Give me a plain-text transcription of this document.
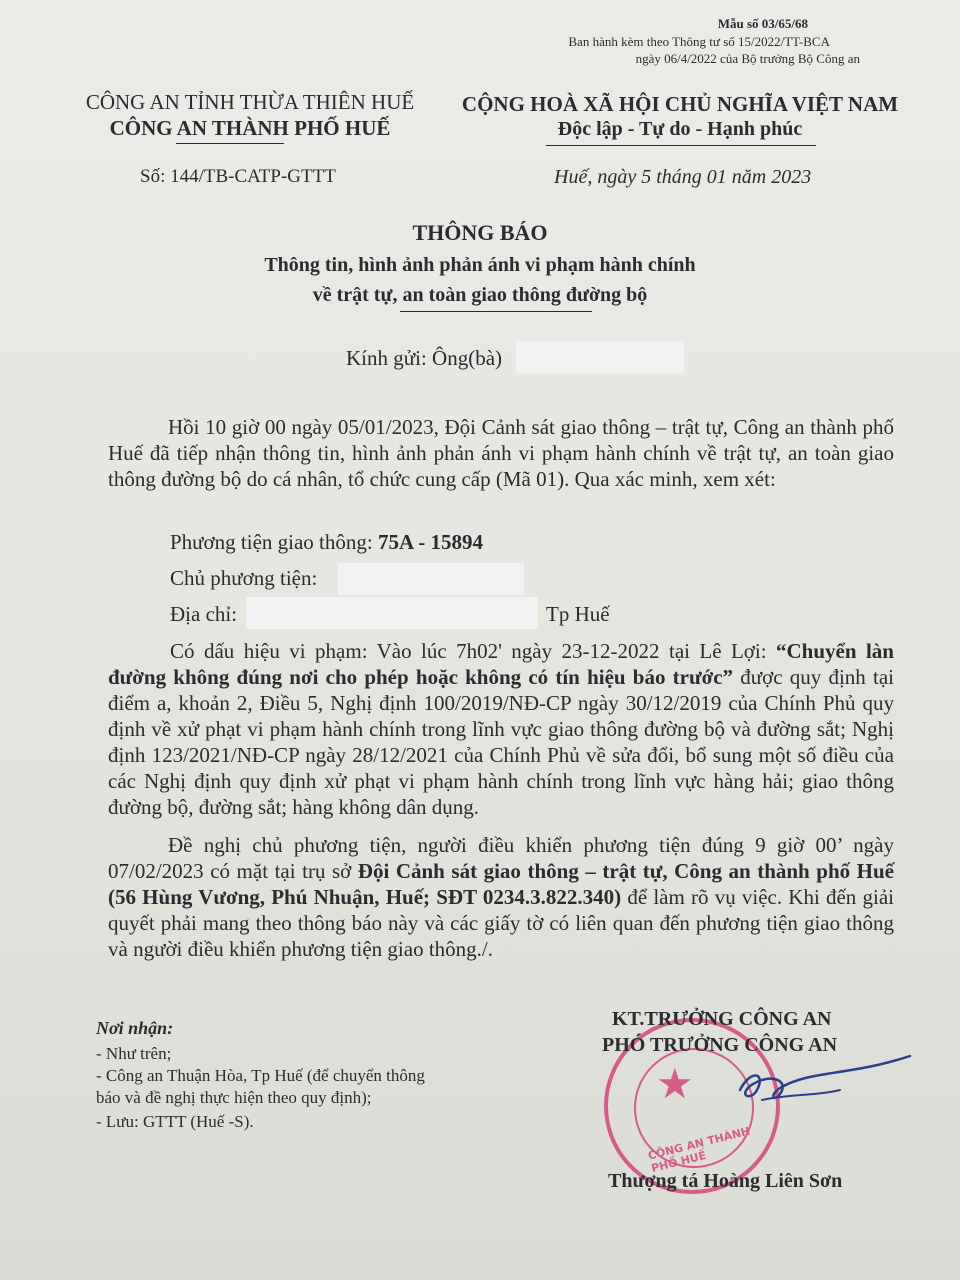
Mẫu số 03/65/68
Ban hành kèm theo Thông tư số 15/2022/TT-BCA
ngày 06/4/2022 của Bộ trưởng Bộ Công an
CÔNG AN TỈNH THỪA THIÊN HUẾ
CÔNG AN THÀNH PHỐ HUẾ
Số: 144/TB-CATP-GTTT
CỘNG HOÀ XÃ HỘI CHỦ NGHĨA VIỆT NAM
Độc lập - Tự do - Hạnh phúc
Huế, ngày 5 tháng 01 năm 2023
THÔNG BÁO
Thông tin, hình ảnh phản ánh vi phạm hành chính
về trật tự, an toàn giao thông đường bộ
Kính gửi: Ông(bà)
Hồi 10 giờ 00 ngày 05/01/2023, Đội Cảnh sát giao thông – trật tự, Công an thành phố Huế đã tiếp nhận thông tin, hình ảnh phản ánh vi phạm hành chính về trật tự, an toàn giao thông đường bộ do cá nhân, tổ chức cung cấp (Mã 01). Qua xác minh, xem xét:
Phương tiện giao thông: 75A - 15894
Chủ phương tiện:
Địa chỉ:	Tp Huế
Có dấu hiệu vi phạm: Vào lúc 7h02' ngày 23-12-2022 tại Lê Lợi: “Chuyển làn đường không đúng nơi cho phép hoặc không có tín hiệu báo trước” được quy định tại điểm a, khoản 2, Điều 5, Nghị định 100/2019/NĐ-CP ngày 30/12/2019 của Chính Phủ quy định về xử phạt vi phạm hành chính trong lĩnh vực giao thông đường bộ và đường sắt; Nghị định 123/2021/NĐ-CP ngày 28/12/2021 của Chính Phủ về sửa đổi, bổ sung một số điều của các Nghị định quy định xử phạt vi phạm hành chính trong lĩnh vực hàng hải; giao thông đường bộ, đường sắt; hàng không dân dụng.
Đề nghị chủ phương tiện, người điều khiển phương tiện đúng 9 giờ 00’ ngày 07/02/2023 có mặt tại trụ sở Đội Cảnh sát giao thông – trật tự, Công an thành phố Huế (56 Hùng Vương, Phú Nhuận, Huế; SĐT 0234.3.822.340) để làm rõ vụ việc. Khi đến giải quyết phải mang theo thông báo này và các giấy tờ có liên quan đến phương tiện giao thông và người điều khiển phương tiện giao thông./.
Nơi nhận:
- Như trên;
- Công an Thuận Hòa, Tp Huế (để chuyển thông
báo và đề nghị thực hiện theo quy định);
- Lưu: GTTT (Huế -S).
★
CÔNG AN THÀNH PHỐ HUẾ
KT.TRƯỞNG CÔNG AN
PHÓ TRƯỞNG CÔNG AN
Thượng tá Hoàng Liên Sơn
